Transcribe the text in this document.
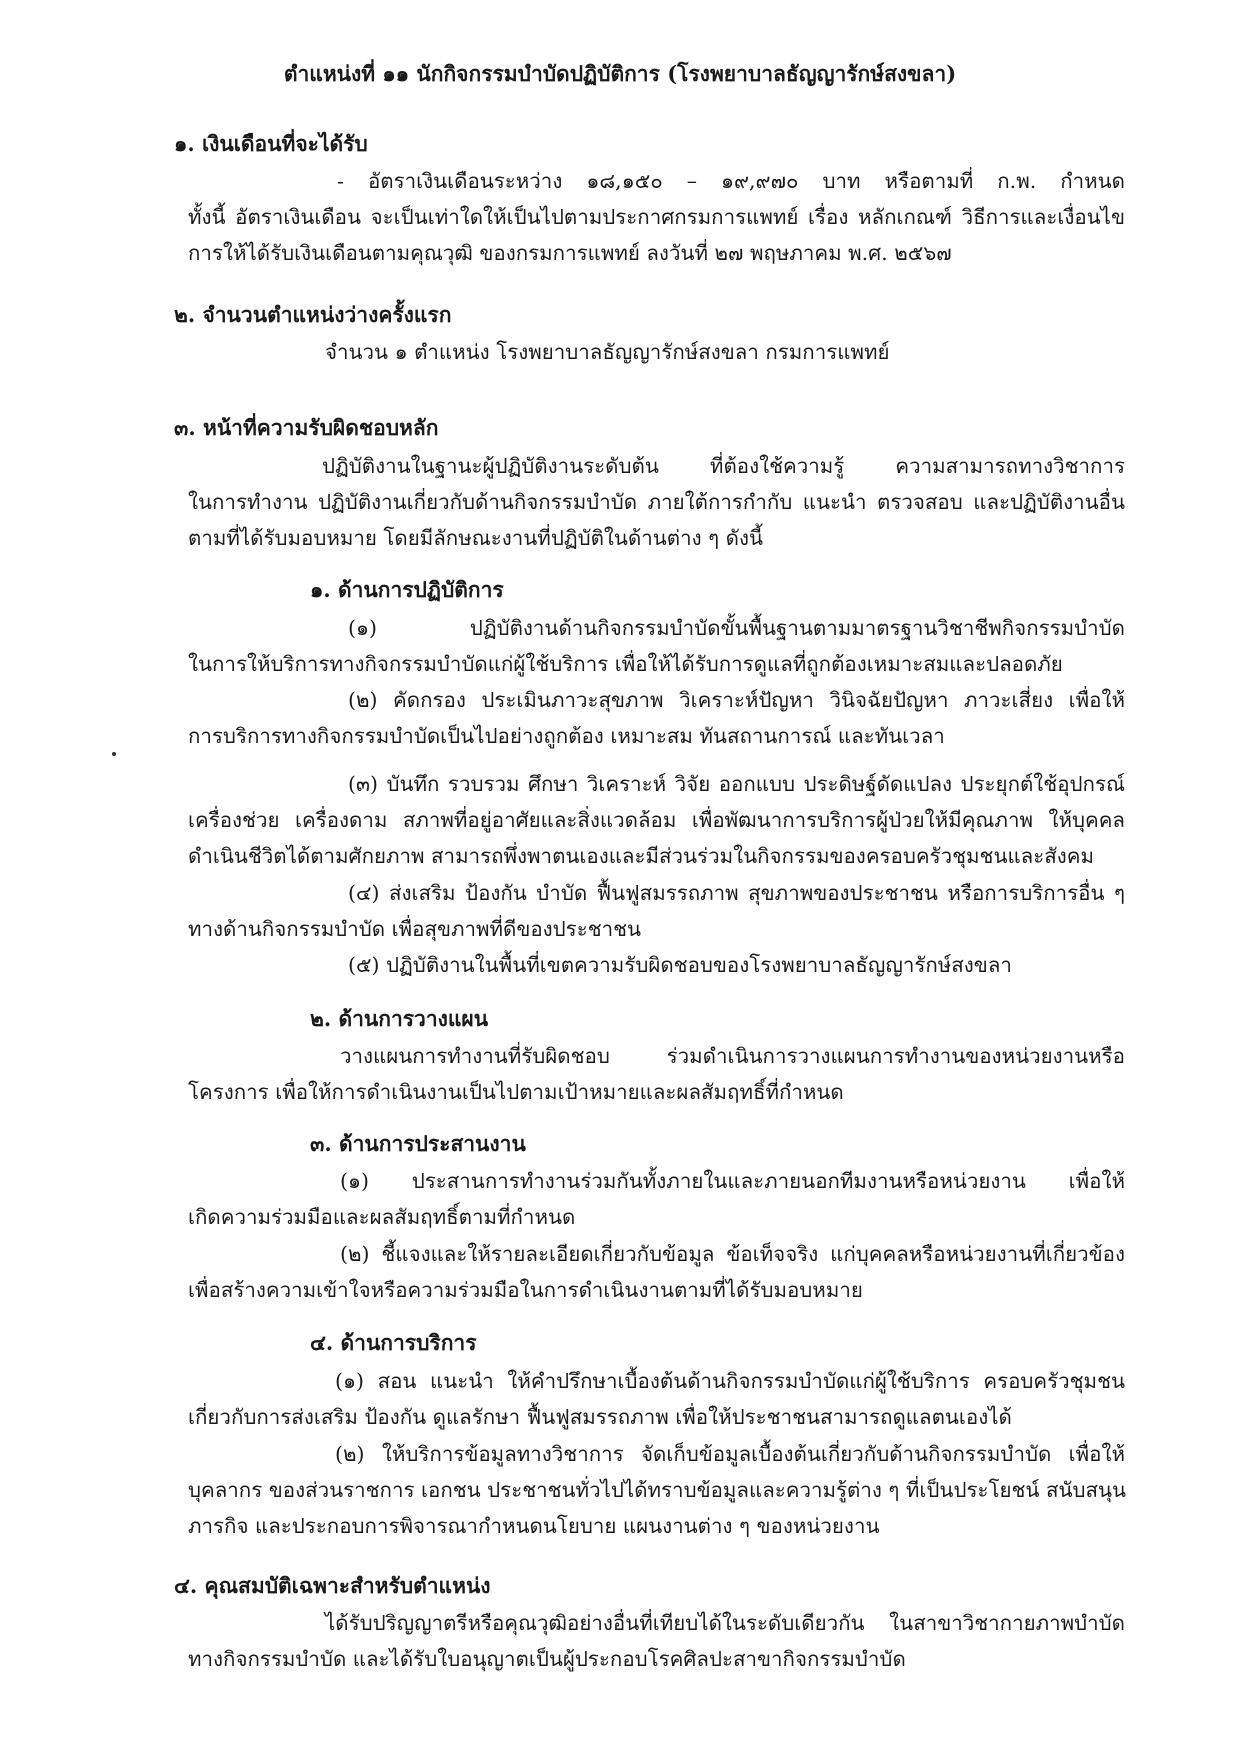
ตำแหน่งที่ ๑๑ นักกิจกรรมบำบัดปฏิบัติการ (โรงพยาบาลธัญญารักษ์สงขลา)
๑. เงินเดือนที่จะได้รับ
- อัตราเงินเดือนระหว่าง ๑๘,๑๕๐ – ๑๙,๙๗๐ บาท หรือตามที่ ก.พ. กำหนด
ทั้งนี้ อัตราเงินเดือน จะเป็นเท่าใดให้เป็นไปตามประกาศกรมการแพทย์ เรื่อง หลักเกณฑ์ วิธีการและเงื่อนไข
การให้ได้รับเงินเดือนตามคุณวุฒิ ของกรมการแพทย์ ลงวันที่ ๒๗ พฤษภาคม พ.ศ. ๒๕๖๗
๒. จำนวนตำแหน่งว่างครั้งแรก
จำนวน ๑ ตำแหน่ง โรงพยาบาลธัญญารักษ์สงขลา กรมการแพทย์
๓. หน้าที่ความรับผิดชอบหลัก
ปฏิบัติงานในฐานะผู้ปฏิบัติงานระดับต้น ที่ต้องใช้ความรู้ ความสามารถทางวิชาการ
ในการทำงาน ปฏิบัติงานเกี่ยวกับด้านกิจกรรมบำบัด ภายใต้การกำกับ แนะนำ ตรวจสอบ และปฏิบัติงานอื่น
ตามที่ได้รับมอบหมาย โดยมีลักษณะงานที่ปฏิบัติในด้านต่าง ๆ ดังนี้
๑. ด้านการปฏิบัติการ
(๑) ปฏิบัติงานด้านกิจกรรมบำบัดขั้นพื้นฐานตามมาตรฐานวิชาชีพกิจกรรมบำบัด
ในการให้บริการทางกิจกรรมบำบัดแก่ผู้ใช้บริการ เพื่อให้ได้รับการดูแลที่ถูกต้องเหมาะสมและปลอดภัย
(๒) คัดกรอง ประเมินภาวะสุขภาพ วิเคราะห์ปัญหา วินิจฉัยปัญหา ภาวะเสี่ยง เพื่อให้
การบริการทางกิจกรรมบำบัดเป็นไปอย่างถูกต้อง เหมาะสม ทันสถานการณ์ และทันเวลา
(๓) บันทึก รวบรวม ศึกษา วิเคราะห์ วิจัย ออกแบบ ประดิษฐ์ดัดแปลง ประยุกต์ใช้อุปกรณ์
เครื่องช่วย เครื่องดาม สภาพที่อยู่อาศัยและสิ่งแวดล้อม เพื่อพัฒนาการบริการผู้ป่วยให้มีคุณภาพ ให้บุคคล
ดำเนินชีวิตได้ตามศักยภาพ สามารถพึ่งพาตนเองและมีส่วนร่วมในกิจกรรมของครอบครัวชุมชนและสังคม
(๔) ส่งเสริม ป้องกัน บำบัด ฟื้นฟูสมรรถภาพ สุขภาพของประชาชน หรือการบริการอื่น ๆ
ทางด้านกิจกรรมบำบัด เพื่อสุขภาพที่ดีของประชาชน
(๕) ปฏิบัติงานในพื้นที่เขตความรับผิดชอบของโรงพยาบาลธัญญารักษ์สงขลา
๒. ด้านการวางแผน
วางแผนการทำงานที่รับผิดชอบ ร่วมดำเนินการวางแผนการทำงานของหน่วยงานหรือ
โครงการ เพื่อให้การดำเนินงานเป็นไปตามเป้าหมายและผลสัมฤทธิ์ที่กำหนด
๓. ด้านการประสานงาน
(๑) ประสานการทำงานร่วมกันทั้งภายในและภายนอกทีมงานหรือหน่วยงาน เพื่อให้
เกิดความร่วมมือและผลสัมฤทธิ์ตามที่กำหนด
(๒) ชี้แจงและให้รายละเอียดเกี่ยวกับข้อมูล ข้อเท็จจริง แก่บุคคลหรือหน่วยงานที่เกี่ยวข้อง
เพื่อสร้างความเข้าใจหรือความร่วมมือในการดำเนินงานตามที่ได้รับมอบหมาย
๔. ด้านการบริการ
(๑) สอน แนะนำ ให้คำปรึกษาเบื้องต้นด้านกิจกรรมบำบัดแก่ผู้ใช้บริการ ครอบครัวชุมชน
เกี่ยวกับการส่งเสริม ป้องกัน ดูแลรักษา ฟื้นฟูสมรรถภาพ เพื่อให้ประชาชนสามารถดูแลตนเองได้
(๒) ให้บริการข้อมูลทางวิชาการ จัดเก็บข้อมูลเบื้องต้นเกี่ยวกับด้านกิจกรรมบำบัด เพื่อให้
บุคลากร ของส่วนราชการ เอกชน ประชาชนทั่วไปได้ทราบข้อมูลและความรู้ต่าง ๆ ที่เป็นประโยชน์ สนับสนุน
ภารกิจ และประกอบการพิจารณากำหนดนโยบาย แผนงานต่าง ๆ ของหน่วยงาน
๔. คุณสมบัติเฉพาะสำหรับตำแหน่ง
ได้รับปริญญาตรีหรือคุณวุฒิอย่างอื่นที่เทียบได้ในระดับเดียวกัน ในสาขาวิชากายภาพบำบัด
ทางกิจกรรมบำบัด และได้รับใบอนุญาตเป็นผู้ประกอบโรคศิลปะสาขากิจกรรมบำบัด
